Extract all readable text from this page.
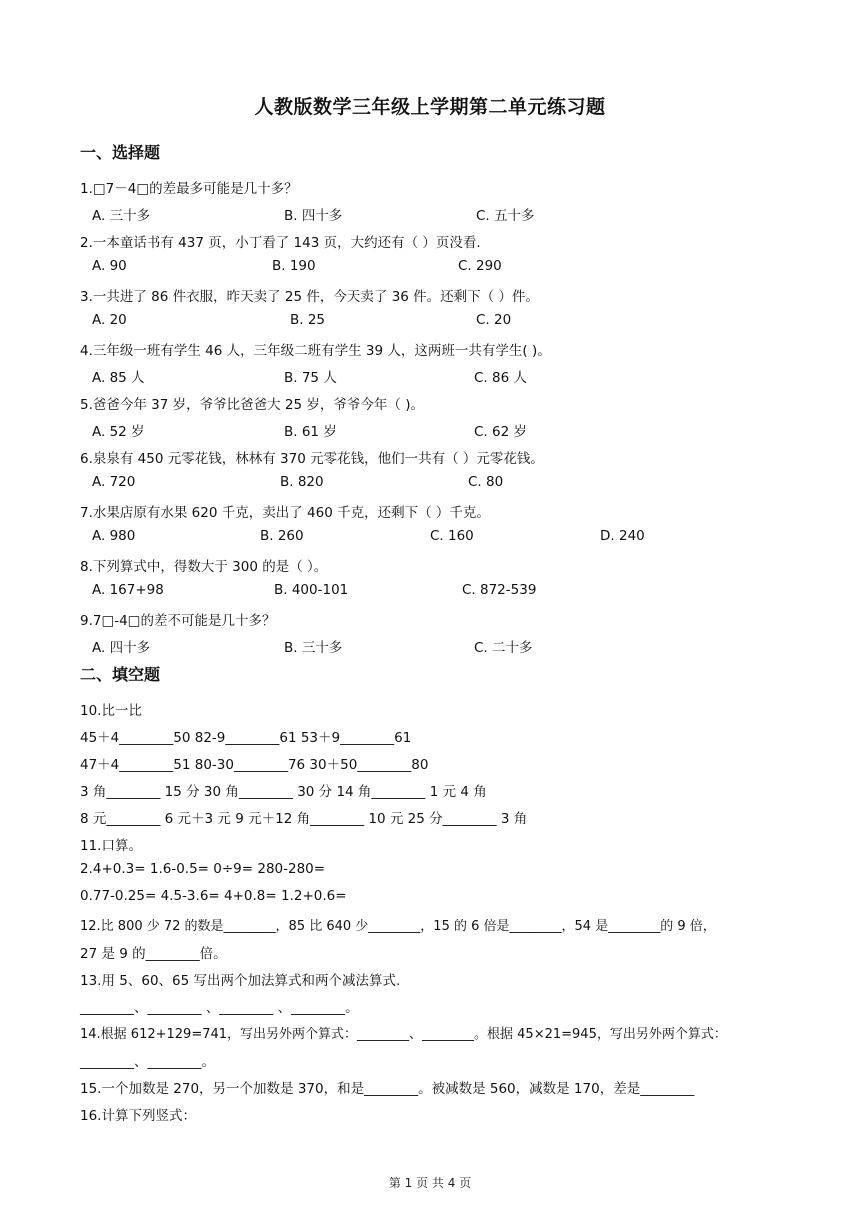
人教版数学三年级上学期第二单元练习题
一、选择题
1.□7－4□的差最多可能是几十多？
A. 三十多	B. 四十多	C. 五十多
2.一本童话书有 437 页，小丁看了 143 页，大约还有（ ）页没看.
A. 90	B. 190	C. 290
3.一共进了 86 件衣服，昨天卖了 25 件，今天卖了 36 件。还剩下（ ）件。
A. 20	B. 25	C. 20
4.三年级一班有学生 46 人，三年级二班有学生 39 人，这两班一共有学生( )。
A. 85 人	B. 75 人	C. 86 人
5.爸爸今年 37 岁，爷爷比爸爸大 25 岁，爷爷今年（ )。
A. 52 岁	B. 61 岁	C. 62 岁
6.泉泉有 450 元零花钱，林林有 370 元零花钱，他们一共有（ ）元零花钱。
A. 720	B. 820	C. 80
7.水果店原有水果 620 千克，卖出了 460 千克，还剩下（ ）千克。
A. 980	B. 260	C. 160	D. 240
8.下列算式中，得数大于 300 的是（ ）。
A. 167+98	B. 400-101	C. 872-539
9.7□-4□的差不可能是几十多？
A. 四十多	B. 三十多	C. 二十多
二、填空题
10.比一比
45＋4________50 82-9________61 53＋9________61
47＋4________51 80-30________76 30＋50________80
3 角________ 15 分 30 角________ 30 分 14 角________ 1 元 4 角
8 元________ 6 元＋3 元 9 元＋12 角________ 10 元 25 分________ 3 角
11.口算。
2.4+0.3= 1.6-0.5= 0÷9= 280-280=
0.77-0.25= 4.5-3.6= 4+0.8= 1.2+0.6=
12.比 800 少 72 的数是________，85 比 640 少________，15 的 6 倍是________，54 是________的 9 倍，
27 是 9 的________倍。
13.用 5、60、65 写出两个加法算式和两个减法算式.
________、________ 、________ 、________。
14.根据 612+129=741，写出另外两个算式：________、________。根据 45×21=945，写出另外两个算式：
________、________。
15.一个加数是 270，另一个加数是 370，和是________。被减数是 560，减数是 170，差是________
16.计算下列竖式：
第 1 页 共 4 页
